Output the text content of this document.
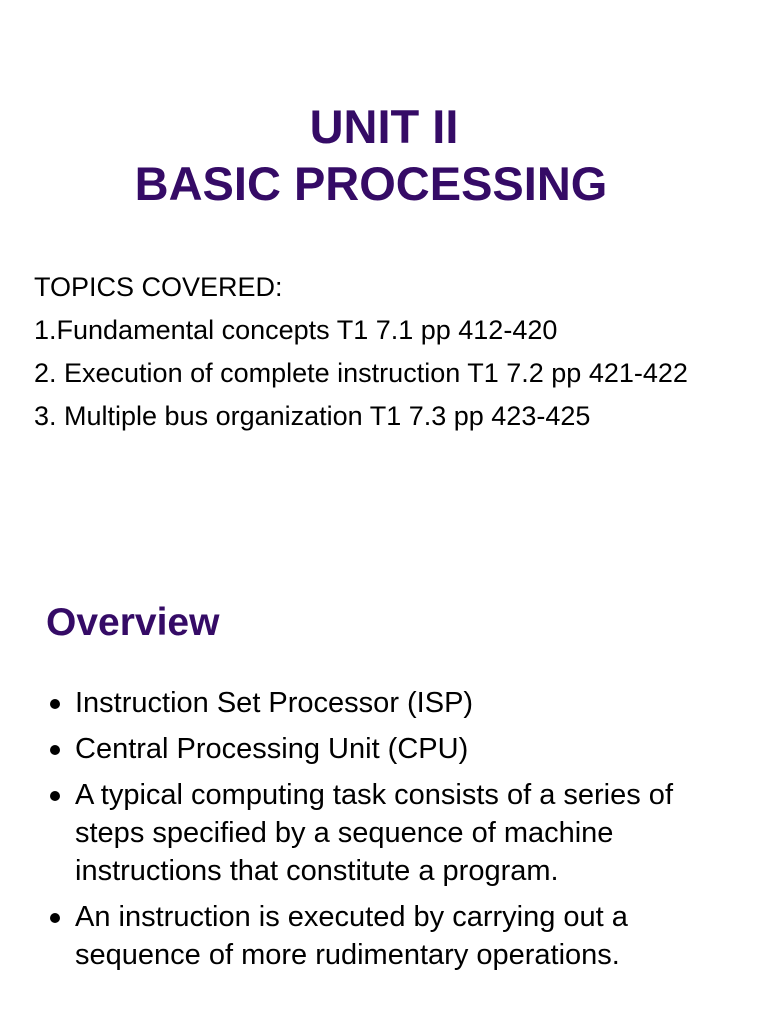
UNIT II
BASIC PROCESSING
TOPICS COVERED:
1.Fundamental concepts T1 7.1 pp 412-420
2. Execution of complete instruction T1 7.2 pp 421-422
3. Multiple bus organization T1 7.3 pp 423-425
Overview
Instruction Set Processor (ISP)
Central Processing Unit (CPU)
A typical computing task consists of a series of steps specified by a sequence of machine instructions that constitute a program.
An instruction is executed by carrying out a sequence of more rudimentary operations.
